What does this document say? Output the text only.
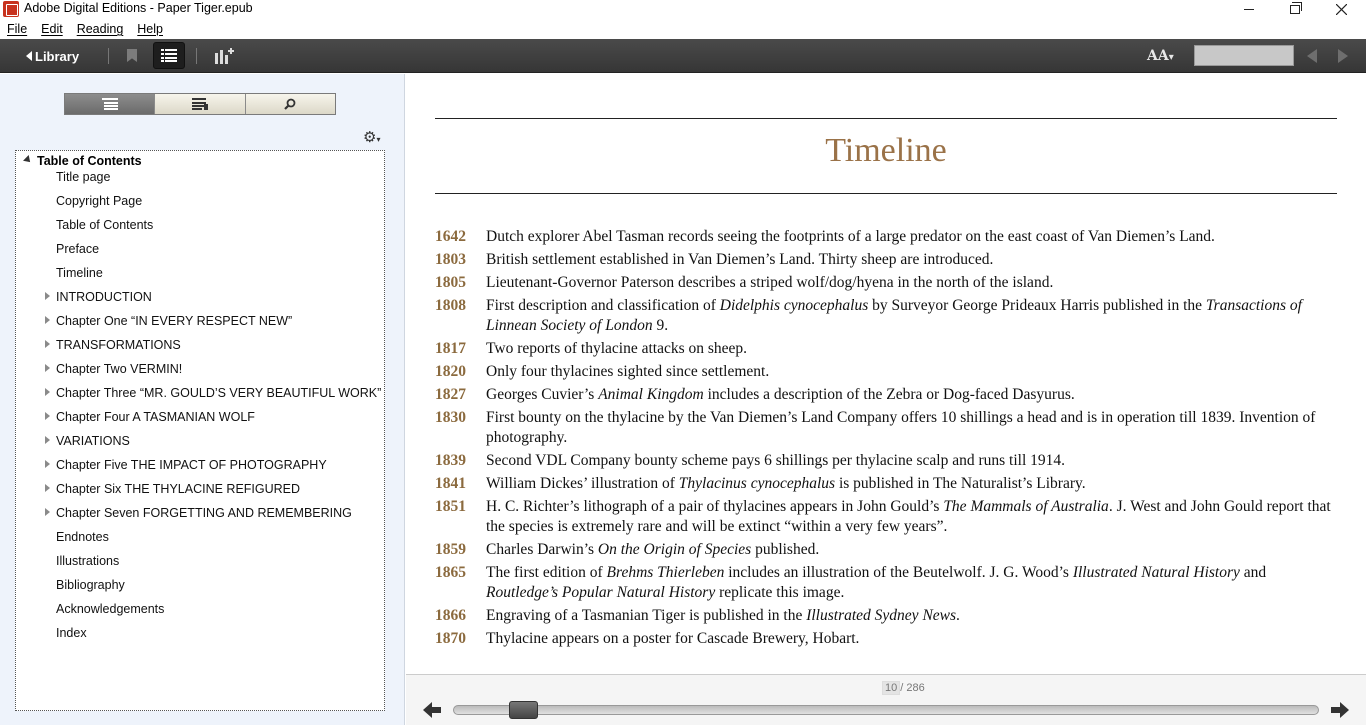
Adobe Digital Editions - Paper Tiger.epub
File Edit Reading Help
Library	AA▾
⚙▾
Table of Contents
Title page
Copyright Page
Table of Contents
Preface
Timeline
INTRODUCTION
Chapter One “IN EVERY RESPECT NEW”
TRANSFORMATIONS
Chapter Two VERMIN!
Chapter Three “MR. GOULD’S VERY BEAUTIFUL WORK”
Chapter Four A TASMANIAN WOLF
VARIATIONS
Chapter Five THE IMPACT OF PHOTOGRAPHY
Chapter Six THE THYLACINE REFIGURED
Chapter Seven FORGETTING AND REMEMBERING
Endnotes
Illustrations
Bibliography
Acknowledgements
Index
Timeline
1642	Dutch explorer Abel Tasman records seeing the footprints of a large predator on the east coast of Van Diemen’s Land.
1803	British settlement established in Van Diemen’s Land. Thirty sheep are introduced.
1805	Lieutenant-Governor Paterson describes a striped wolf/dog/hyena in the north of the island.
1808	First description and classification of Didelphis cynocephalus by Surveyor George Prideaux Harris published in the Transactions of Linnean Society of London 9.
1817	Two reports of thylacine attacks on sheep.
1820	Only four thylacines sighted since settlement.
1827	Georges Cuvier’s Animal Kingdom includes a description of the Zebra or Dog-faced Dasyurus.
1830	First bounty on the thylacine by the Van Diemen’s Land Company offers 10 shillings a head and is in operation till 1839. Invention of photography.
1839	Second VDL Company bounty scheme pays 6 shillings per thylacine scalp and runs till 1914.
1841	William Dickes’ illustration of Thylacinus cynocephalus is published in The Naturalist’s Library.
1851	H. C. Richter’s lithograph of a pair of thylacines appears in John Gould’s The Mammals of Australia. J. West and John Gould report that the species is extremely rare and will be extinct “within a very few years”.
1859	Charles Darwin’s On the Origin of Species published.
1865	The first edition of Brehms Thierleben includes an illustration of the Beutelwolf. J. G. Wood’s Illustrated Natural History and Routledge’s Popular Natural History replicate this image.
1866	Engraving of a Tasmanian Tiger is published in the Illustrated Sydney News.
1870	Thylacine appears on a poster for Cascade Brewery, Hobart.
10 / 286
